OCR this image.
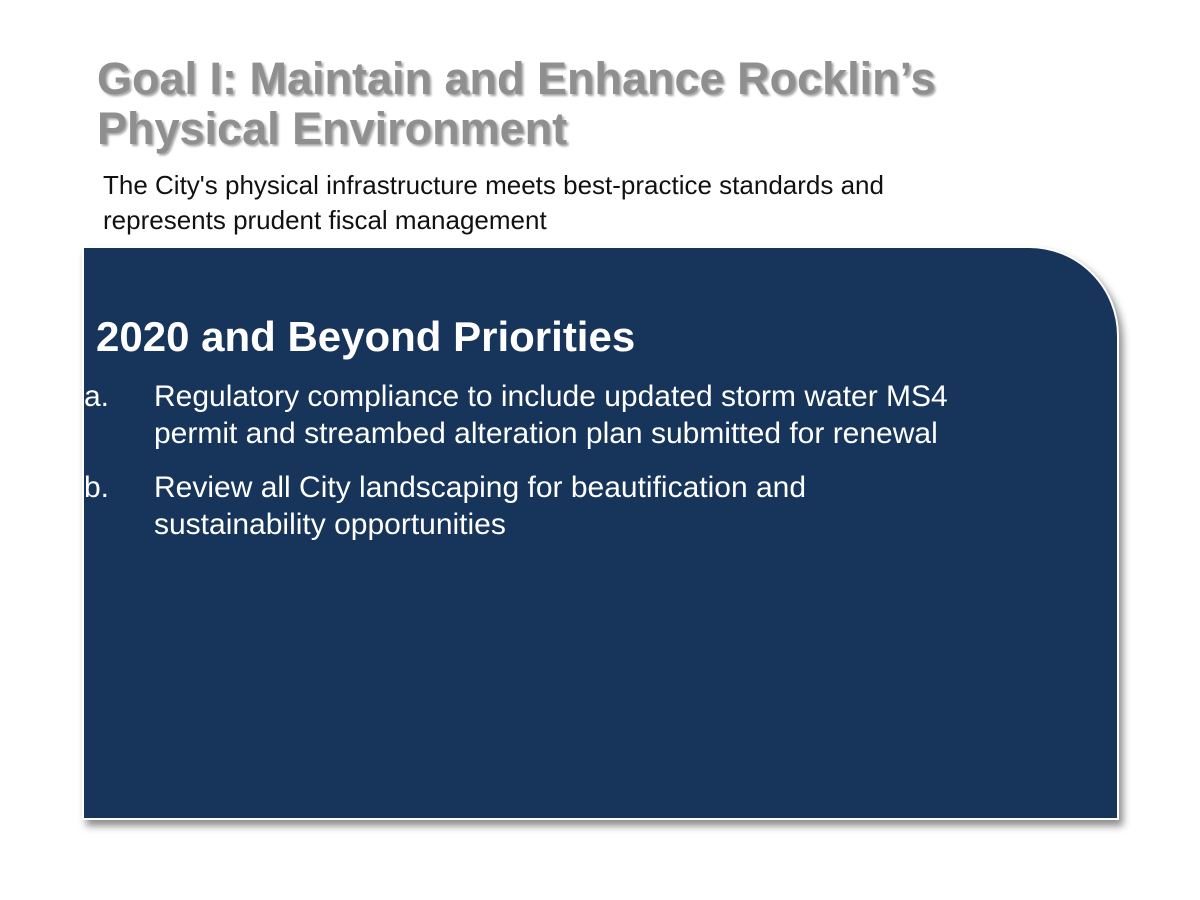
Goal I: Maintain and Enhance Rocklin’s
Physical Environment

The City's physical infrastructure meets best-practice standards and
represents prudent fiscal management

2020 and Beyond Priorities
a. Regulatory compliance to include updated storm water MS4
permit and streambed alteration plan submitted for renewal
b. Review all City landscaping for beautification and
sustainability opportunities
